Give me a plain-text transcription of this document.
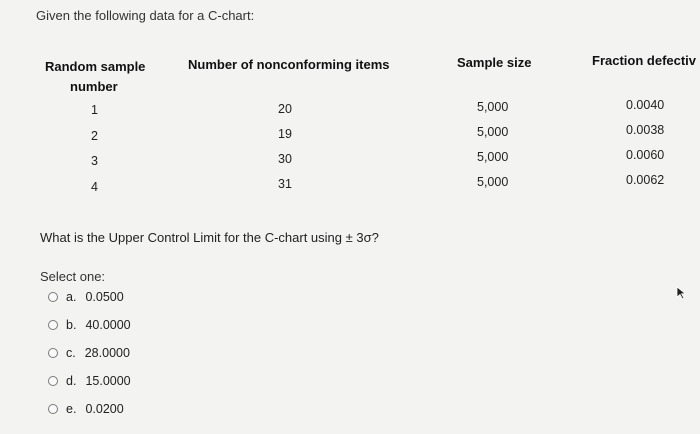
Given the following data for a C-chart:
Random sample
number
Number of nonconforming items	Sample size	Fraction defectiv
1	20	5,000	0.0040
2	19	5,000	0.0038
3	30	5,000	0.0060
4	31	5,000	0.0062
What is the Upper Control Limit for the C-chart using ± 3σ?
Select one:
a. 0.0500
b. 40.0000
c. 28.0000
d. 15.0000
e. 0.0200
